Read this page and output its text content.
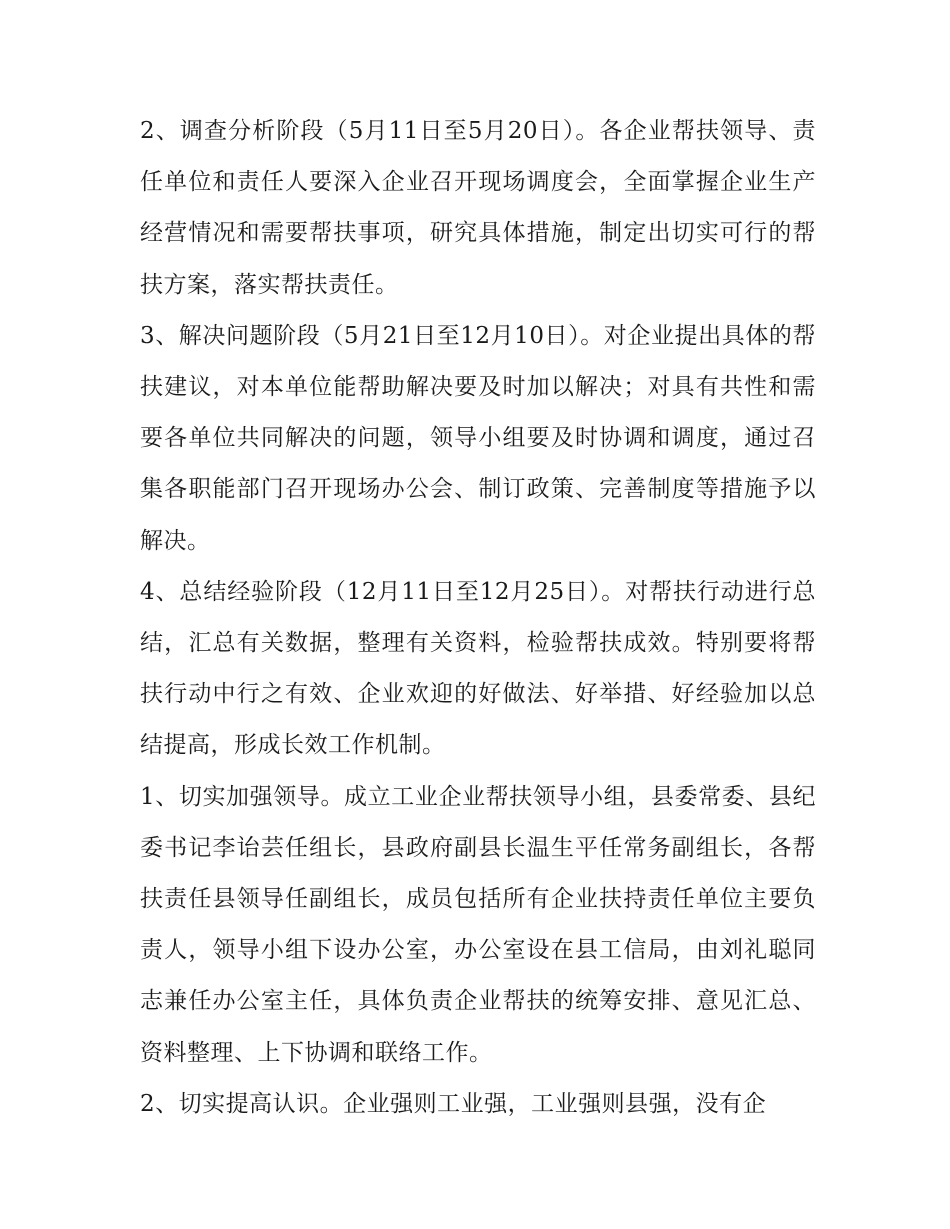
2、调查分析阶段（5月11日至5月20日）。各企业帮扶领导、责任单位和责任人要深入企业召开现场调度会，全面掌握企业生产经营情况和需要帮扶事项，研究具体措施，制定出切实可行的帮扶方案，落实帮扶责任。

3、解决问题阶段（5月21日至12月10日）。对企业提出具体的帮扶建议，对本单位能帮助解决要及时加以解决；对具有共性和需要各单位共同解决的问题，领导小组要及时协调和调度，通过召集各职能部门召开现场办公会、制订政策、完善制度等措施予以解决。

4、总结经验阶段（12月11日至12月25日）。对帮扶行动进行总结，汇总有关数据，整理有关资料，检验帮扶成效。特别要将帮扶行动中行之有效、企业欢迎的好做法、好举措、好经验加以总结提高，形成长效工作机制。

1、切实加强领导。成立工业企业帮扶领导小组，县委常委、县纪委书记李诒芸任组长，县政府副县长温生平任常务副组长，各帮扶责任县领导任副组长，成员包括所有企业扶持责任单位主要负责人，领导小组下设办公室，办公室设在县工信局，由刘礼聪同志兼任办公室主任，具体负责企业帮扶的统筹安排、意见汇总、资料整理、上下协调和联络工作。

2、切实提高认识。企业强则工业强，工业强则县强，没有企
